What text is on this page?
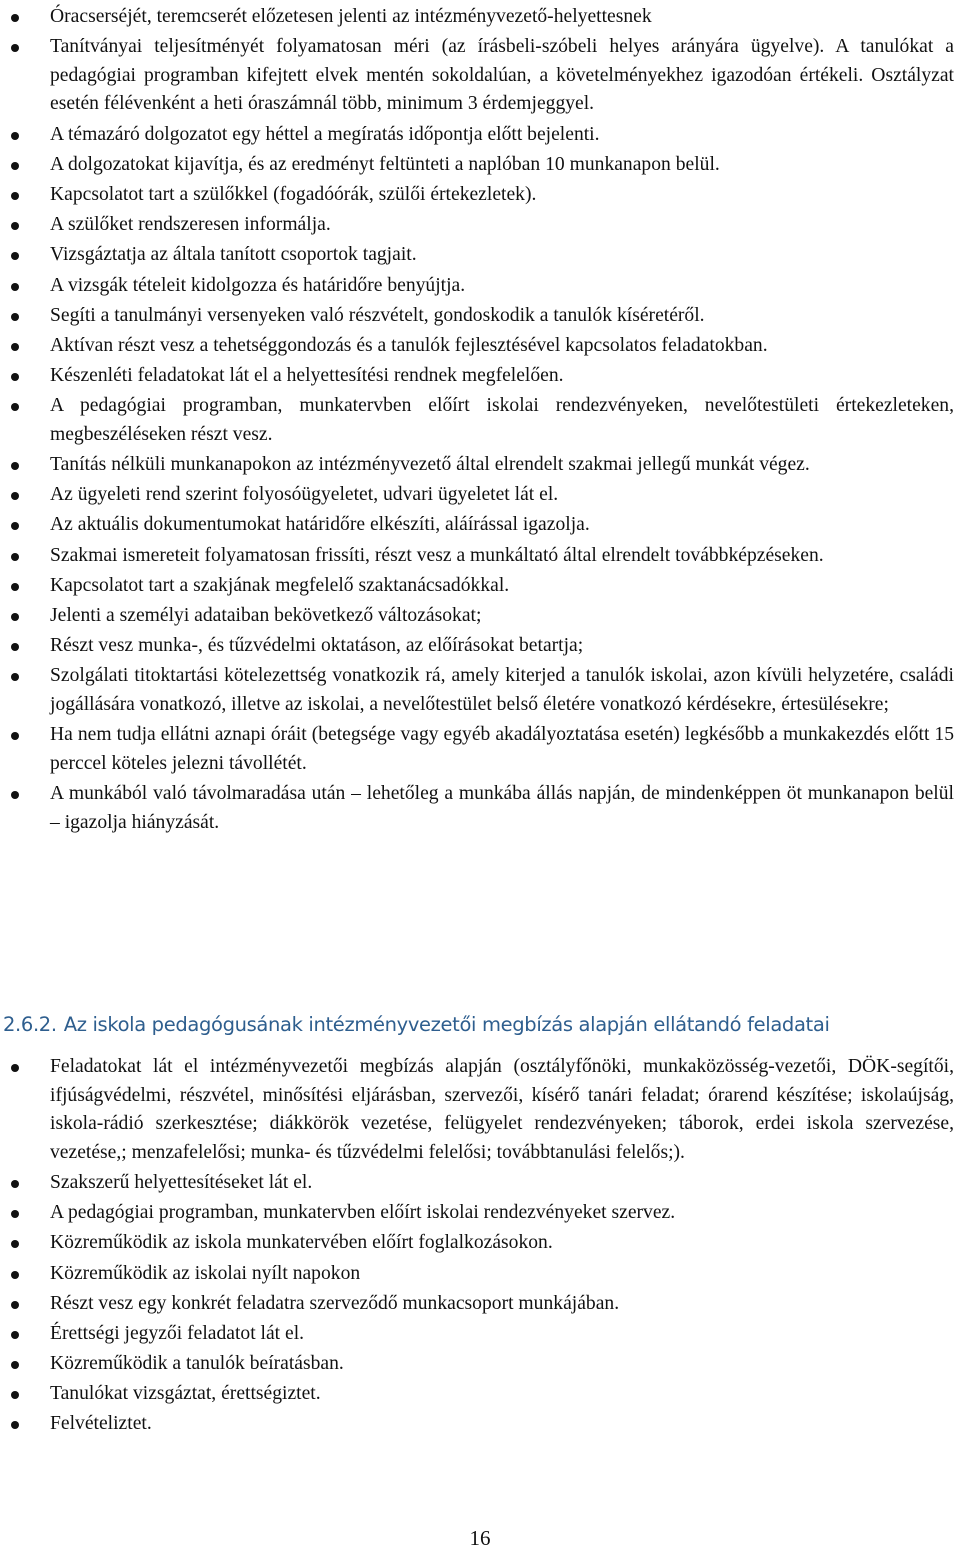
Óracserséjét, teremcserét előzetesen jelenti az intézményvezető-helyettesnek
Tanítványai teljesítményét folyamatosan méri (az írásbeli-szóbeli helyes arányára ügyelve). A tanulókat a pedagógiai programban kifejtett elvek mentén sokoldalúan, a követelményekhez igazodóan értékeli. Osztályzat esetén félévenként a heti óraszámnál több, minimum 3 érdemjeggyel.
A témazáró dolgozatot egy héttel a megíratás időpontja előtt bejelenti.
A dolgozatokat kijavítja, és az eredményt feltünteti a naplóban 10 munkanapon belül.
Kapcsolatot tart a szülőkkel (fogadóórák, szülői értekezletek).
A szülőket rendszeresen informálja.
Vizsgáztatja az általa tanított csoportok tagjait.
A vizsgák tételeit kidolgozza és határidőre benyújtja.
Segíti a tanulmányi versenyeken való részvételt, gondoskodik a tanulók kíséretéről.
Aktívan részt vesz a tehetséggondozás és a tanulók fejlesztésével kapcsolatos feladatokban.
Készenléti feladatokat lát el a helyettesítési rendnek megfelelően.
A pedagógiai programban, munkatervben előírt iskolai rendezvényeken, nevelőtestületi értekezleteken, megbeszéléseken részt vesz.
Tanítás nélküli munkanapokon az intézményvezető által elrendelt szakmai jellegű munkát végez.
Az ügyeleti rend szerint folyosóügyeletet, udvari ügyeletet lát el.
Az aktuális dokumentumokat határidőre elkészíti, aláírással igazolja.
Szakmai ismereteit folyamatosan frissíti, részt vesz a munkáltató által elrendelt továbbképzéseken.
Kapcsolatot tart a szakjának megfelelő szaktanácsadókkal.
Jelenti a személyi adataiban bekövetkező változásokat;
Részt vesz munka-, és tűzvédelmi oktatáson, az előírásokat betartja;
Szolgálati titoktartási kötelezettség vonatkozik rá, amely kiterjed a tanulók iskolai, azon kívüli helyzetére, családi jogállására vonatkozó, illetve az iskolai, a nevelőtestület belső életére vonatkozó kérdésekre, értesülésekre;
Ha nem tudja ellátni aznapi óráit (betegsége vagy egyéb akadályoztatása esetén) legkésőbb a munkakezdés előtt 15 perccel köteles jelezni távollétét.
A munkából való távolmaradása után – lehetőleg a munkába állás napján, de mindenképpen öt munkanapon belül – igazolja hiányzását.
2.6.2. Az iskola pedagógusának intézményvezetői megbízás alapján ellátandó feladatai
Feladatokat lát el intézményvezetői megbízás alapján (osztályfőnöki, munkaközösség-vezetői, DÖK-segítői, ifjúságvédelmi, részvétel, minősítési eljárásban, szervezői, kísérő tanári feladat; órarend készítése; iskolaújság, iskola-rádió szerkesztése; diákkörök vezetése, felügyelet rendezvényeken; táborok, erdei iskola szervezése, vezetése,; menzafelelősi; munka- és tűzvédelmi felelősi; továbbtanulási felelős;).
Szakszerű helyettesítéseket lát el.
A pedagógiai programban, munkatervben előírt iskolai rendezvényeket szervez.
Közreműködik az iskola munkatervében előírt foglalkozásokon.
Közreműködik az iskolai nyílt napokon
Részt vesz egy konkrét feladatra szerveződő munkacsoport munkájában.
Érettségi jegyzői feladatot lát el.
Közreműködik a tanulók beíratásban.
Tanulókat vizsgáztat, érettségiztet.
Felvételiztet.
16
